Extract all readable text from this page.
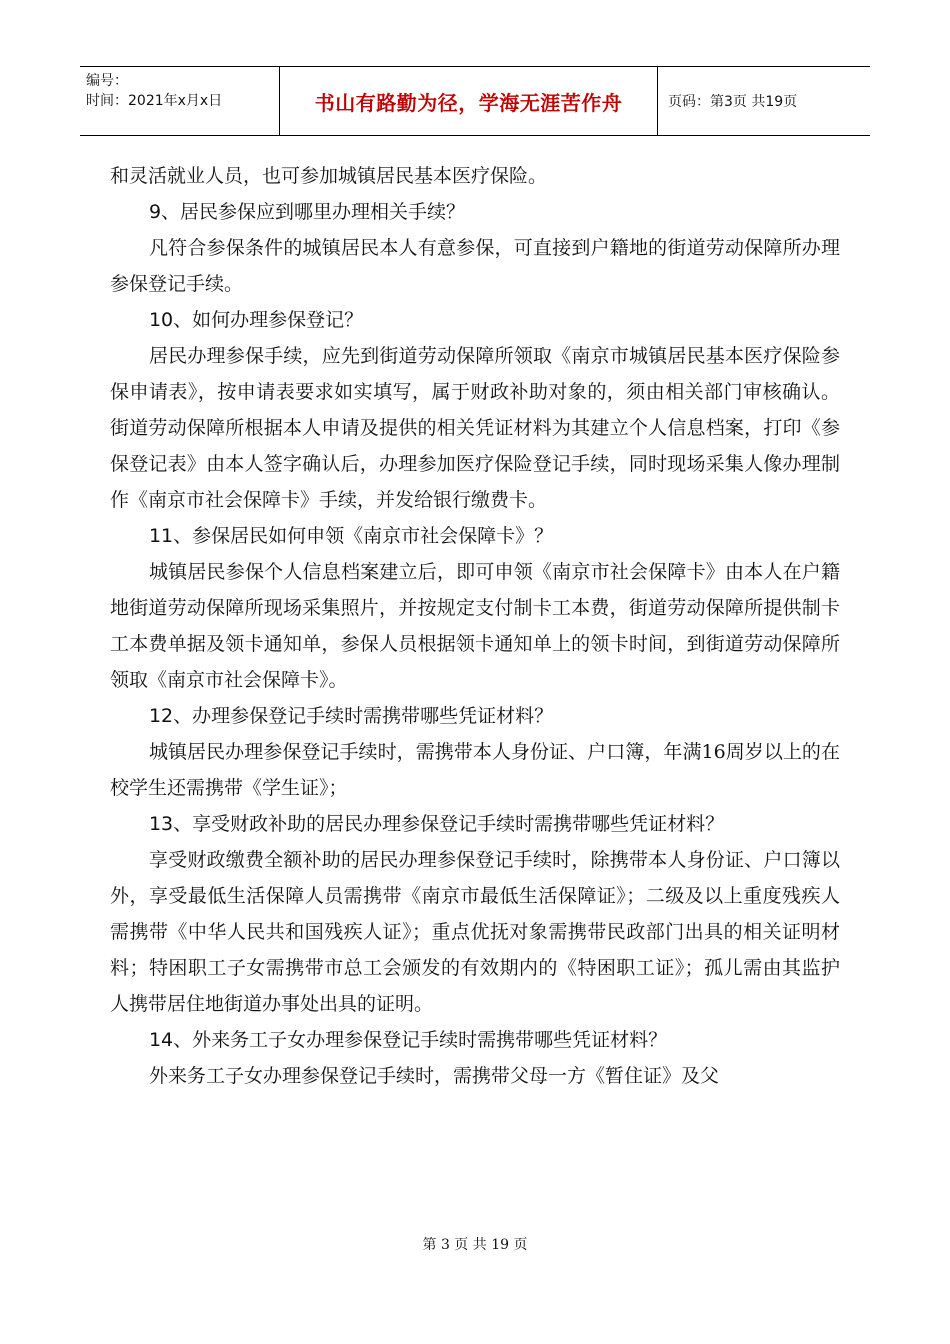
编号：
时间：2021年x月x日	书山有路勤为径，学海无涯苦作舟	页码：第3页 共19页

和灵活就业人员，也可参加城镇居民基本医疗保险。

9、居民参保应到哪里办理相关手续？

凡符合参保条件的城镇居民本人有意参保，可直接到户籍地的街道劳动保障所办理参保登记手续。

10、如何办理参保登记？

居民办理参保手续，应先到街道劳动保障所领取《南京市城镇居民基本医疗保险参保申请表》，按申请表要求如实填写，属于财政补助对象的，须由相关部门审核确认。街道劳动保障所根据本人申请及提供的相关凭证材料为其建立个人信息档案，打印《参保登记表》由本人签字确认后，办理参加医疗保险登记手续，同时现场采集人像办理制作《南京市社会保障卡》手续，并发给银行缴费卡。

11、参保居民如何申领《南京市社会保障卡》？

城镇居民参保个人信息档案建立后，即可申领《南京市社会保障卡》由本人在户籍地街道劳动保障所现场采集照片，并按规定支付制卡工本费，街道劳动保障所提供制卡工本费单据及领卡通知单，参保人员根据领卡通知单上的领卡时间，到街道劳动保障所领取《南京市社会保障卡》。

12、办理参保登记手续时需携带哪些凭证材料？

城镇居民办理参保登记手续时，需携带本人身份证、户口簿，年满16周岁以上的在校学生还需携带《学生证》；

13、享受财政补助的居民办理参保登记手续时需携带哪些凭证材料？

享受财政缴费全额补助的居民办理参保登记手续时，除携带本人身份证、户口簿以外，享受最低生活保障人员需携带《南京市最低生活保障证》；二级及以上重度残疾人需携带《中华人民共和国残疾人证》；重点优抚对象需携带民政部门出具的相关证明材料；特困职工子女需携带市总工会颁发的有效期内的《特困职工证》；孤儿需由其监护人携带居住地街道办事处出具的证明。

14、外来务工子女办理参保登记手续时需携带哪些凭证材料？

外来务工子女办理参保登记手续时，需携带父母一方《暂住证》及父

第 3 页 共 19 页
